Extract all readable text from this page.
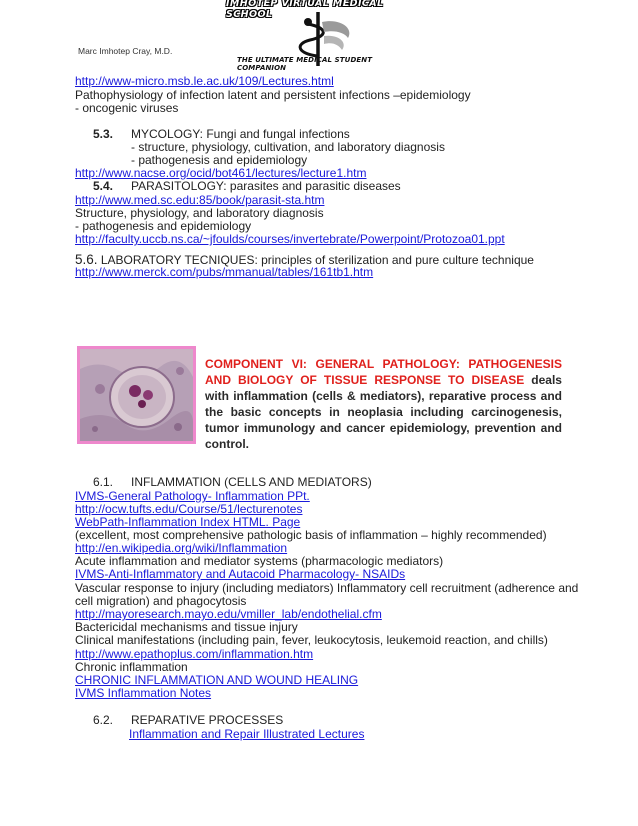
IMHOTEP VIRTUAL MEDICAL SCHOOL
THE ULTIMATE MEDICAL STUDENT COMPANION
Marc Imhotep Cray, M.D.
http://www-micro.msb.le.ac.uk/109/Lectures.html
Pathophysiology of infection latent and persistent infections –epidemiology
- oncogenic viruses
5.3. MYCOLOGY: Fungi and fungal infections
- structure, physiology, cultivation, and laboratory diagnosis
- pathogenesis and epidemiology
http://www.nacse.org/ocid/bot461/lectures/lecture1.htm
5.4. PARASITOLOGY: parasites and parasitic diseases
http://www.med.sc.edu:85/book/parasit-sta.htm
Structure, physiology, and laboratory diagnosis
- pathogenesis and epidemiology
http://faculty.uccb.ns.ca/~jfoulds/courses/invertebrate/Powerpoint/Protozoa01.ppt
5.6. LABORATORY TECNIQUES: principles of sterilization and pure culture technique
http://www.merck.com/pubs/mmanual/tables/161tb1.htm
COMPONENT VI: GENERAL PATHOLOGY: PATHOGENESIS AND BIOLOGY OF TISSUE RESPONSE TO DISEASE deals with inflammation (cells & mediators), reparative process and the basic concepts in neoplasia including carcinogenesis, tumor immunology and cancer epidemiology, prevention and control.
6.1. INFLAMMATION (CELLS AND MEDIATORS)
IVMS-General Pathology- Inflammation PPt.
http://ocw.tufts.edu/Course/51/lecturenotes
WebPath-Inflammation Index HTML. Page
(excellent, most comprehensive pathologic basis of inflammation – highly recommended)
http://en.wikipedia.org/wiki/Inflammation
Acute inflammation and mediator systems (pharmacologic mediators)
IVMS-Anti-Inflammatory and Autacoid Pharmacology- NSAIDs
Vascular response to injury (including mediators) Inflammatory cell recruitment (adherence and
cell migration) and phagocytosis
http://mayoresearch.mayo.edu/vmiller_lab/endothelial.cfm
Bactericidal mechanisms and tissue injury
Clinical manifestations (including pain, fever, leukocytosis, leukemoid reaction, and chills)
http://www.epathoplus.com/inflammation.htm
Chronic inflammation
CHRONIC INFLAMMATION AND WOUND HEALING
IVMS Inflammation Notes
6.2. REPARATIVE PROCESSES
Inflammation and Repair Illustrated Lectures
